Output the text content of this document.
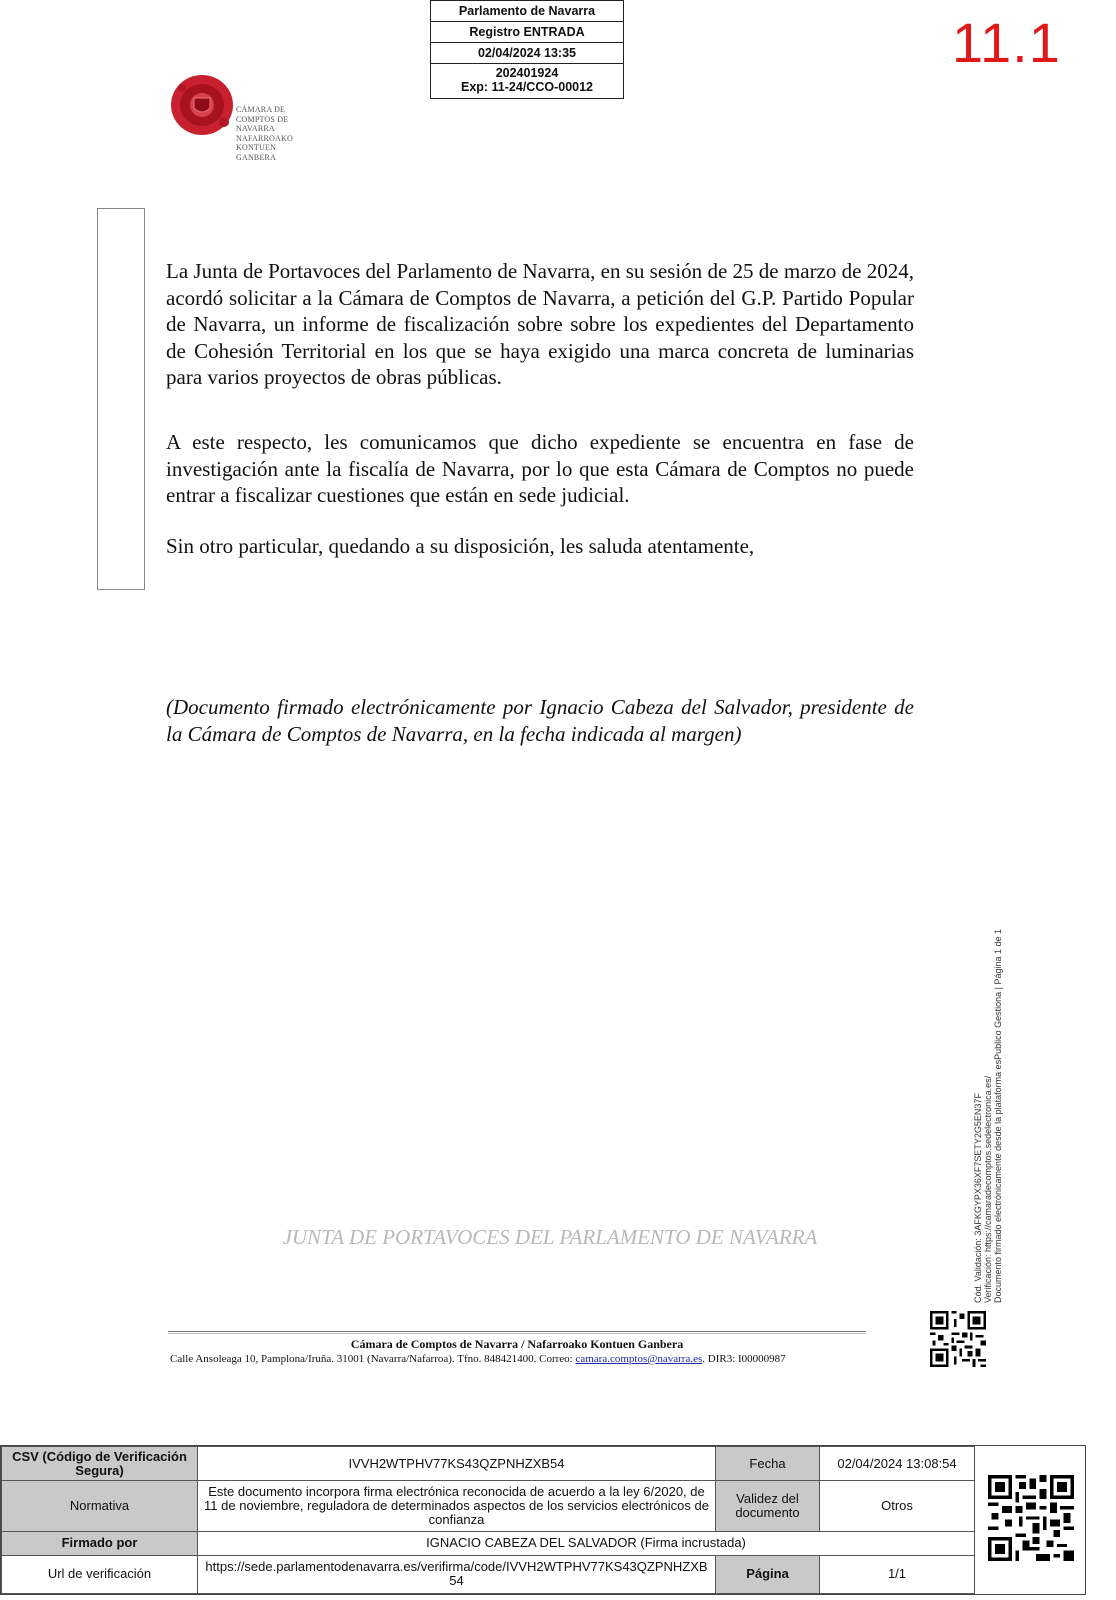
Parlamento de Navarra
Registro ENTRADA
02/04/2024 13:35
202401924
Exp: 11-24/CCO-00012
11.1
CÁMARA DE
COMPTOS DE
NAVARRA
NAFARROAKO
KONTUEN
GANBERA
La Junta de Portavoces del Parlamento de Navarra, en su sesión de 25 de marzo de 2024, acordó solicitar a la Cámara de Comptos de Navarra, a petición del G.P. Partido Popular de Navarra, un informe de fiscalización sobre sobre los expedientes del Departamento de Cohesión Territorial en los que se haya exigido una marca concreta de luminarias para varios proyectos de obras públicas.
A este respecto, les comunicamos que dicho expediente se encuentra en fase de investigación ante la fiscalía de Navarra, por lo que esta Cámara de Comptos no puede entrar a fiscalizar cuestiones que están en sede judicial.
Sin otro particular, quedando a su disposición, les saluda atentamente,
(Documento firmado electrónicamente por Ignacio Cabeza del Salvador, presidente de la Cámara de Comptos de Navarra, en la fecha indicada al margen)
JUNTA DE PORTAVOCES DEL PARLAMENTO DE NAVARRA
Cámara de Comptos de Navarra / Nafarroako Kontuen Ganbera
Calle Ansoleaga 10, Pamplona/Iruña. 31001 (Navarra/Nafarroa). Tfno. 848421400. Correo: camara.comptos@navarra.es. DIR3: I00000987
Cód. Validación: 3AFKGYPX36XF7SETY2G5EN37F Verificación: https://camaradecomptos.sedelectronica.es/ Documento firmado electrónicamente desde la plataforma esPublico Gestiona | Página 1 de 1
CSV (Código de Verificación Segura)	IVVH2WTPHV77KS43QZPNHZXB54	Fecha	02/04/2024 13:08:54
Normativa	Este documento incorpora firma electrónica reconocida de acuerdo a la ley 6/2020, de 11 de noviembre, reguladora de determinados aspectos de los servicios electrónicos de confianza	Validez del documento	Otros
Firmado por	IGNACIO CABEZA DEL SALVADOR (Firma incrustada)		
Url de verificación	https://sede.parlamentodenavarra.es/verifirma/code/IVVH2WTPHV77KS43QZPNHZXB54	Página	1/1
